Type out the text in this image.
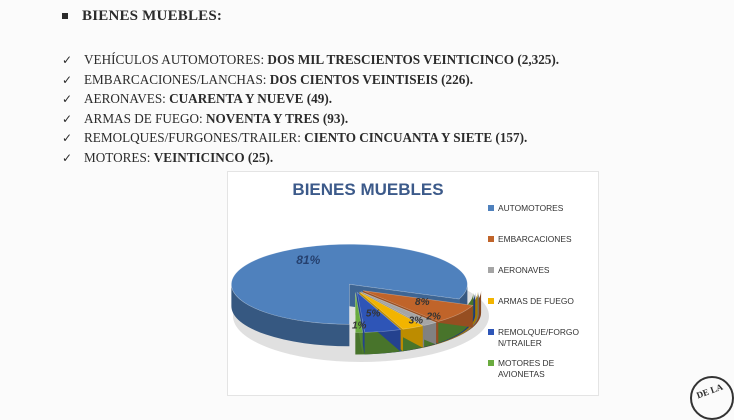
BIENES MUEBLES:
✓ VEHÍCULOS AUTOMOTORES: DOS MIL TRESCIENTOS VEINTICINCO (2,325).
✓ EMBARCACIONES/LANCHAS: DOS CIENTOS VEINTISEIS (226).
✓ AERONAVES: CUARENTA Y NUEVE (49).
✓ ARMAS DE FUEGO: NOVENTA Y TRES (93).
✓ REMOLQUES/FURGONES/TRAILER: CIENTO CINCUANTA Y SIETE (157).
✓ MOTORES: VEINTICINCO (25).
BIENES MUEBLES
81%
8%
2%
3%
5%
1%
AUTOMOTORES
EMBARCACIONES
AERONAVES
ARMAS DE FUEGO
REMOLQUE/FORGO N/TRAILER
MOTORES DE AVIONETAS
DE LA
